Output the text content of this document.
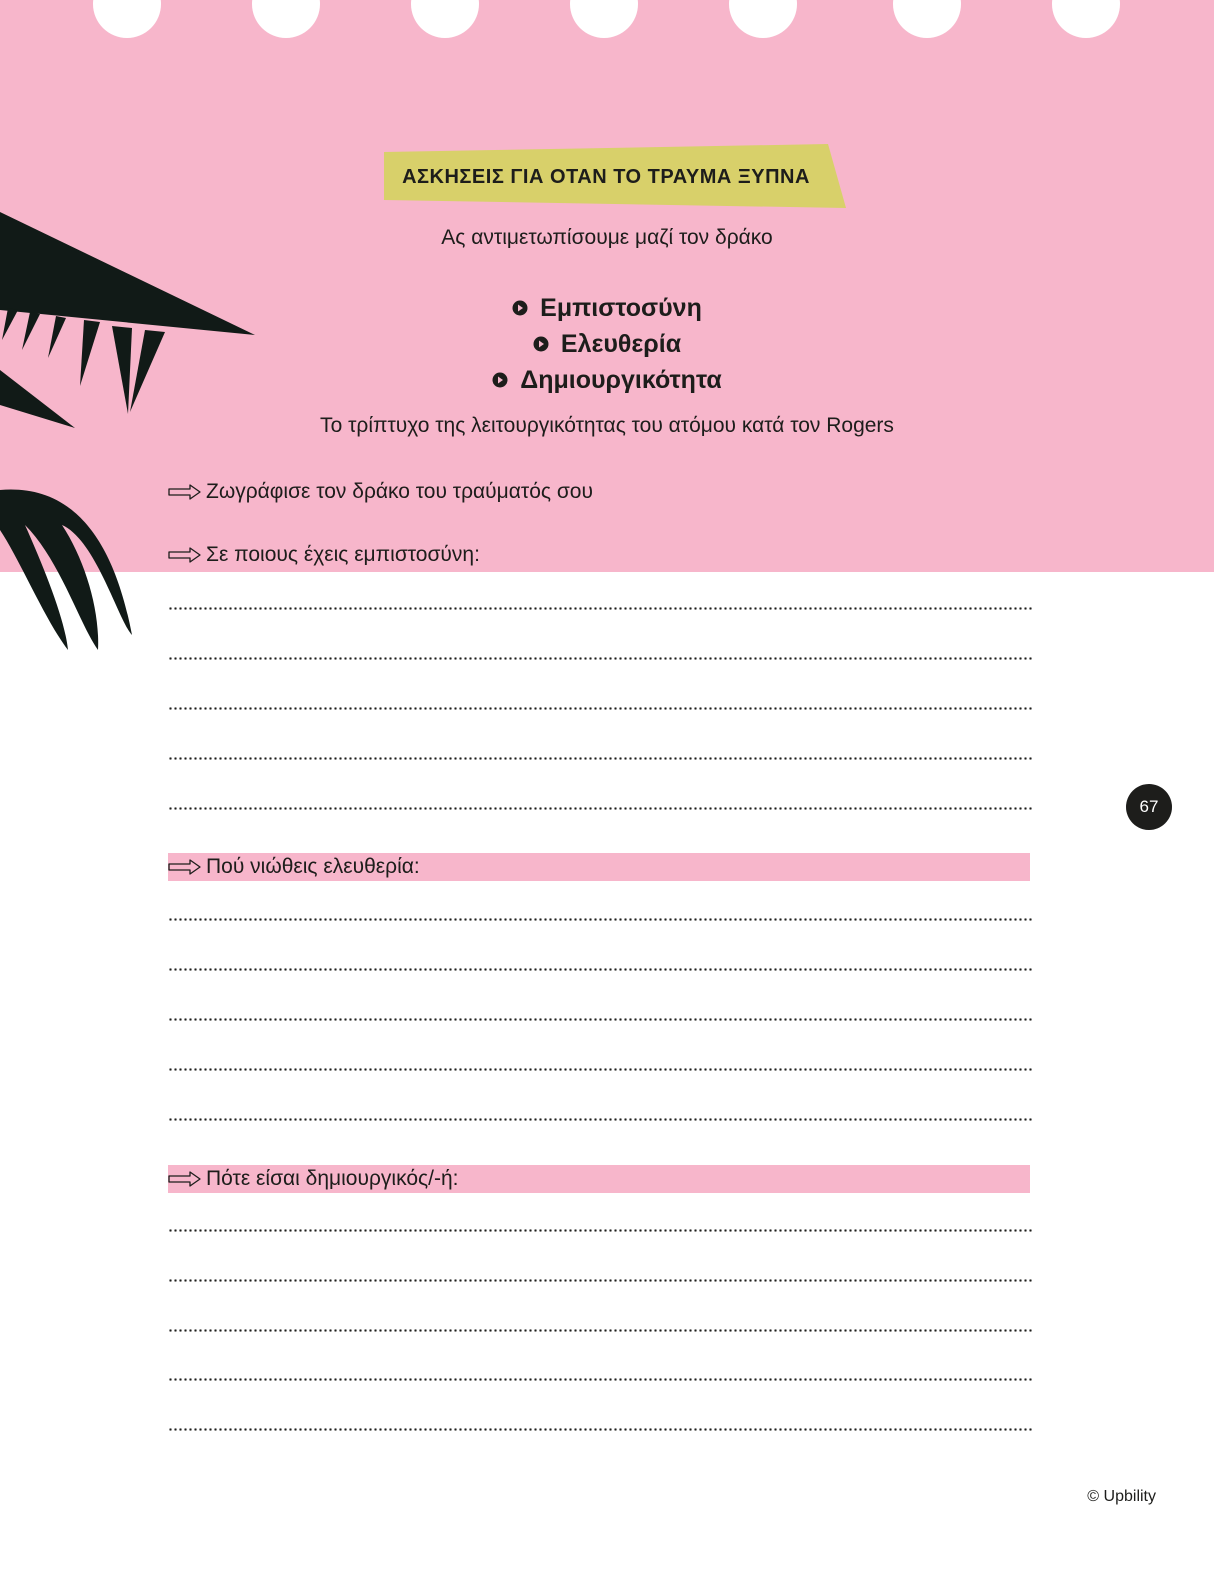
ΑΣΚΗΣΕΙΣ ΓΙΑ ΟΤΑΝ ΤΟ ΤΡΑΥΜΑ ΞΥΠΝΑ
Ας αντιμετωπίσουμε μαζί τον δράκο
Εμπιστοσύνη
Ελευθερία
Δημιουργικότητα
Το τρίπτυχο της λειτουργικότητας του ατόμου κατά τον Rogers
Ζωγράφισε τον δράκο του τραύματός σου
Σε ποιους έχεις εμπιστοσύνη:
Πού νιώθεις ελευθερία:
Πότε είσαι δημιουργικός/-ή:
67
© Upbility
